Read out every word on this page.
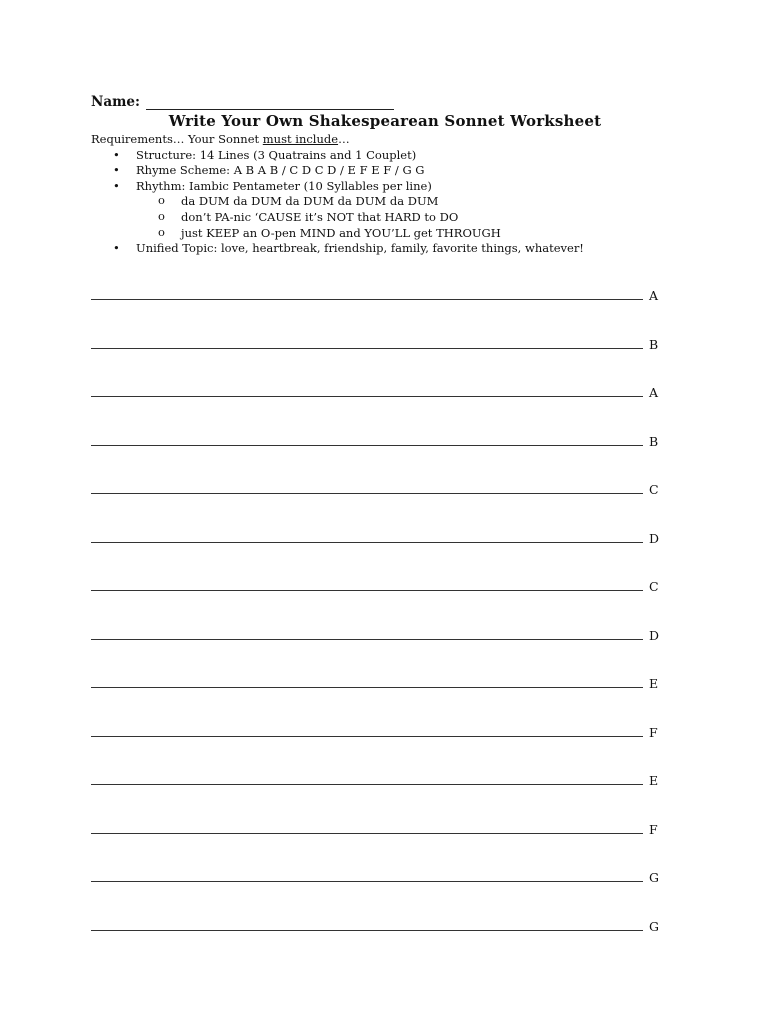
Name:
Write Your Own Shakespearean Sonnet Worksheet
Requirements… Your Sonnet must include…
• Structure: 14 Lines (3 Quatrains and 1 Couplet)
• Rhyme Scheme: A B A B / C D C D / E F E F / G G
• Rhythm: Iambic Pentameter (10 Syllables per line)
o da DUM da DUM da DUM da DUM da DUM
o don’t PA-nic ‘CAUSE it’s NOT that HARD to DO
o just KEEP an O-pen MIND and YOU’LL get THROUGH
• Unified Topic: love, heartbreak, friendship, family, favorite things, whatever!
A
B
A
B
C
D
C
D
E
F
E
F
G
G
